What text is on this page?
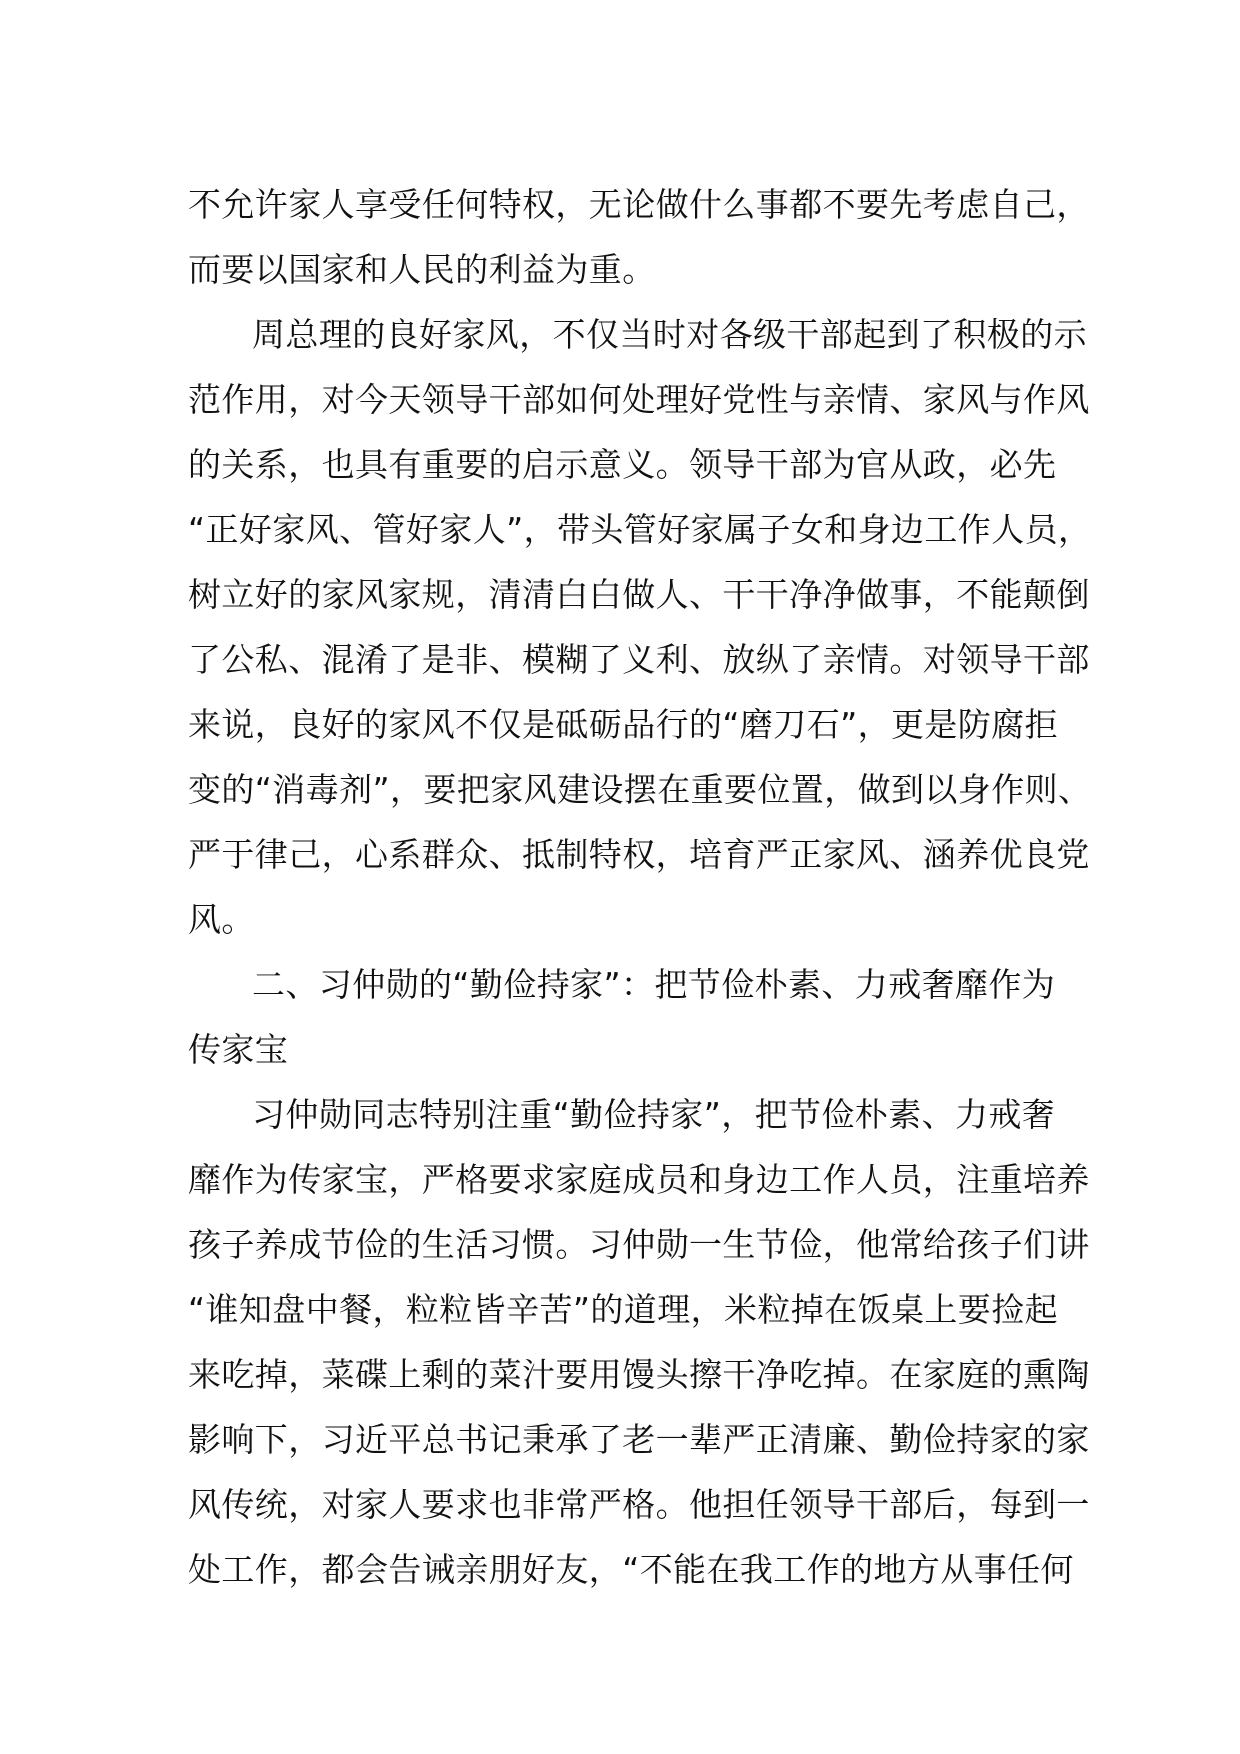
不允许家人享受任何特权，无论做什么事都不要先考虑自己，
而要以国家和人民的利益为重。
周总理的良好家风，不仅当时对各级干部起到了积极的示
范作用，对今天领导干部如何处理好党性与亲情、家风与作风
的关系，也具有重要的启示意义。领导干部为官从政，必先
“正好家风、管好家人”，带头管好家属子女和身边工作人员，
树立好的家风家规，清清白白做人、干干净净做事，不能颠倒
了公私、混淆了是非、模糊了义利、放纵了亲情。对领导干部
来说，良好的家风不仅是砥砺品行的“磨刀石”，更是防腐拒
变的“消毒剂”，要把家风建设摆在重要位置，做到以身作则、
严于律己，心系群众、抵制特权，培育严正家风、涵养优良党
风。
二、习仲勋的“勤俭持家”：把节俭朴素、力戒奢靡作为
传家宝
习仲勋同志特别注重“勤俭持家”，把节俭朴素、力戒奢
靡作为传家宝，严格要求家庭成员和身边工作人员，注重培养
孩子养成节俭的生活习惯。习仲勋一生节俭，他常给孩子们讲
“谁知盘中餐，粒粒皆辛苦”的道理，米粒掉在饭桌上要捡起
来吃掉，菜碟上剩的菜汁要用馒头擦干净吃掉。在家庭的熏陶
影响下，习近平总书记秉承了老一辈严正清廉、勤俭持家的家
风传统，对家人要求也非常严格。他担任领导干部后，每到一
处工作，都会告诫亲朋好友，“不能在我工作的地方从事任何
